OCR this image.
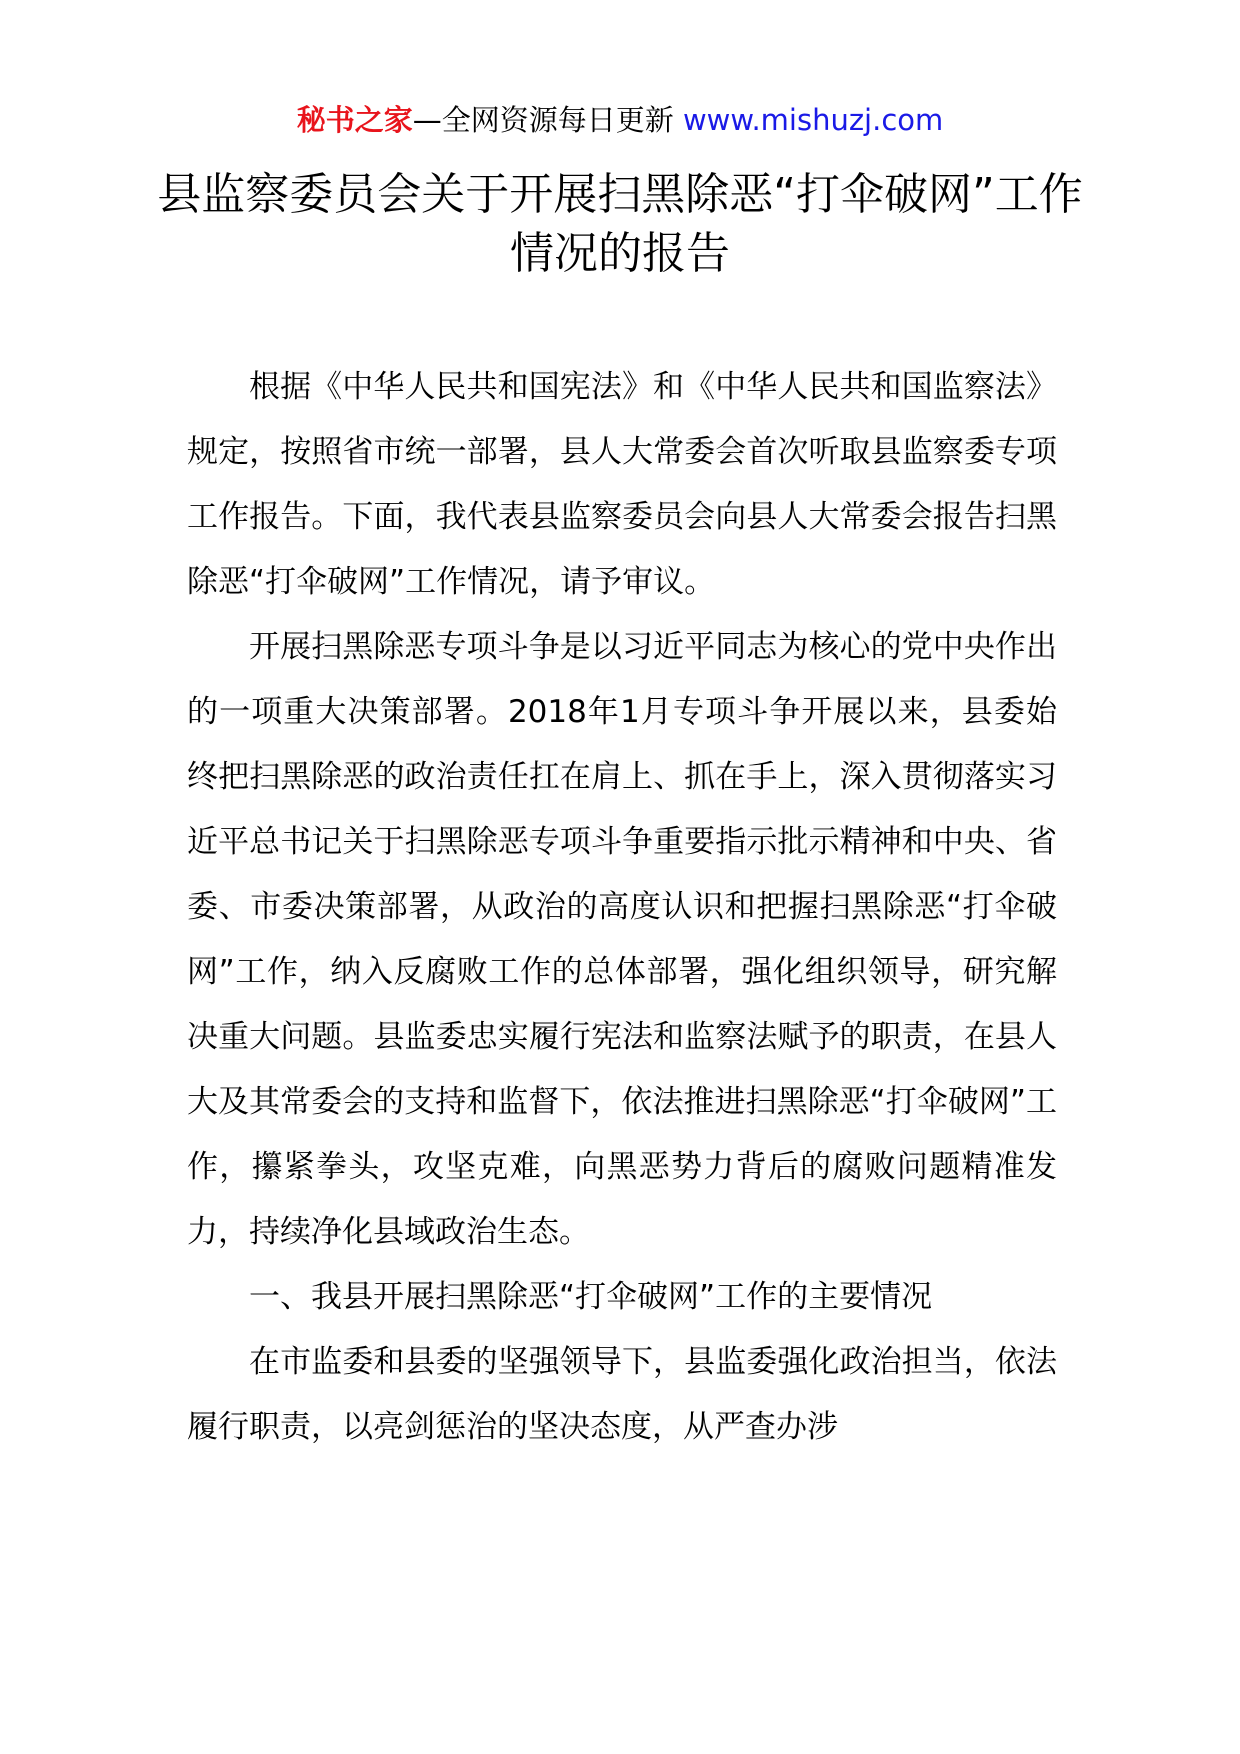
秘书之家—全网资源每日更新 www.mishuzj.com
县监察委员会关于开展扫黑除恶“打伞破网”工作情况的报告

根据《中华人民共和国宪法》和《中华人民共和国监察法》规定，按照省市统一部署，县人大常委会首次听取县监察委专项工作报告。下面，我代表县监察委员会向县人大常委会报告扫黑除恶“打伞破网”工作情况，请予审议。

开展扫黑除恶专项斗争是以习近平同志为核心的党中央作出的一项重大决策部署。2018年1月专项斗争开展以来，县委始终把扫黑除恶的政治责任扛在肩上、抓在手上，深入贯彻落实习近平总书记关于扫黑除恶专项斗争重要指示批示精神和中央、省委、市委决策部署，从政治的高度认识和把握扫黑除恶“打伞破网”工作，纳入反腐败工作的总体部署，强化组织领导，研究解决重大问题。县监委忠实履行宪法和监察法赋予的职责，在县人大及其常委会的支持和监督下，依法推进扫黑除恶“打伞破网”工作，攥紧拳头，攻坚克难，向黑恶势力背后的腐败问题精准发力，持续净化县域政治生态。

一、我县开展扫黑除恶“打伞破网”工作的主要情况

在市监委和县委的坚强领导下，县监委强化政治担当，依法履行职责，以亮剑惩治的坚决态度，从严查办涉
